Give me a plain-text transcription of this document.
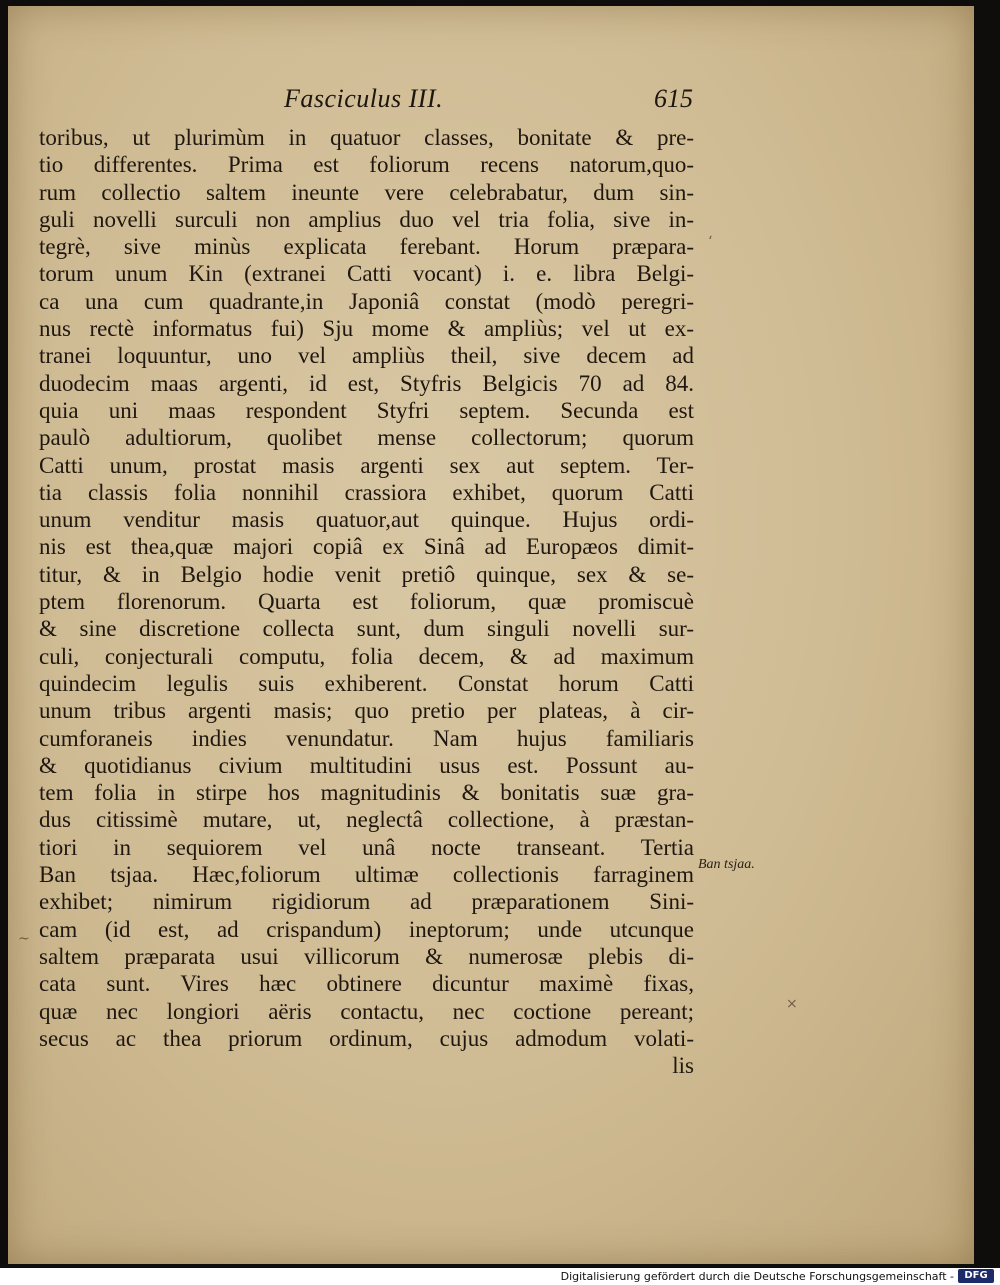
Fasciculus III.	615
toribus, ut plurimùm in quatuor classes, bonitate & pre-
tio differentes. Prima est foliorum recens natorum,quo-
rum collectio saltem ineunte vere celebrabatur, dum sin-
guli novelli surculi non amplius duo vel tria folia, sive in-
tegrè, sive minùs explicata ferebant. Horum præpara-
torum unum Kin (extranei Catti vocant) i. e. libra Belgi-
ca una cum quadrante,in Japoniâ constat (modò peregri-
nus rectè informatus fui) Sju mome & ampliùs; vel ut ex-
tranei loquuntur, uno vel ampliùs theil, sive decem ad
duodecim maas argenti, id est, Styfris Belgicis 70 ad 84.
quia uni maas respondent Styfri septem. Secunda est
paulò adultiorum, quolibet mense collectorum; quorum
Catti unum, prostat masis argenti sex aut septem. Ter-
tia classis folia nonnihil crassiora exhibet, quorum Catti
unum venditur masis quatuor,aut quinque. Hujus ordi-
nis est thea,quæ majori copiâ ex Sinâ ad Europæos dimit-
titur, & in Belgio hodie venit pretiô quinque, sex & se-
ptem florenorum. Quarta est foliorum, quæ promiscuè
& sine discretione collecta sunt, dum singuli novelli sur-
culi, conjecturali computu, folia decem, & ad maximum
quindecim legulis suis exhiberent. Constat horum Catti
unum tribus argenti masis; quo pretio per plateas, à cir-
cumforaneis indies venundatur. Nam hujus familiaris
& quotidianus civium multitudini usus est. Possunt au-
tem folia in stirpe hos magnitudinis & bonitatis suæ gra-
dus citissimè mutare, ut, neglectâ collectione, à præstan-
tiori in sequiorem vel unâ nocte transeant. Tertia
Ban tsjaa. Hæc,foliorum ultimæ collectionis farraginem
exhibet; nimirum rigidiorum ad præparationem Sini-
cam (id est, ad crispandum) ineptorum; unde utcunque
saltem præparata usui villicorum & numerosæ plebis di-
cata sunt. Vires hæc obtinere dicuntur maximè fixas,
quæ nec longiori aëris contactu, nec coctione pereant;
secus ac thea priorum ordinum, cujus admodum volati-
lis
Ban tsjaa.
‘
~
×
Digitalisierung gefördert durch die Deutsche Forschungsgemeinschaft -	DFG
